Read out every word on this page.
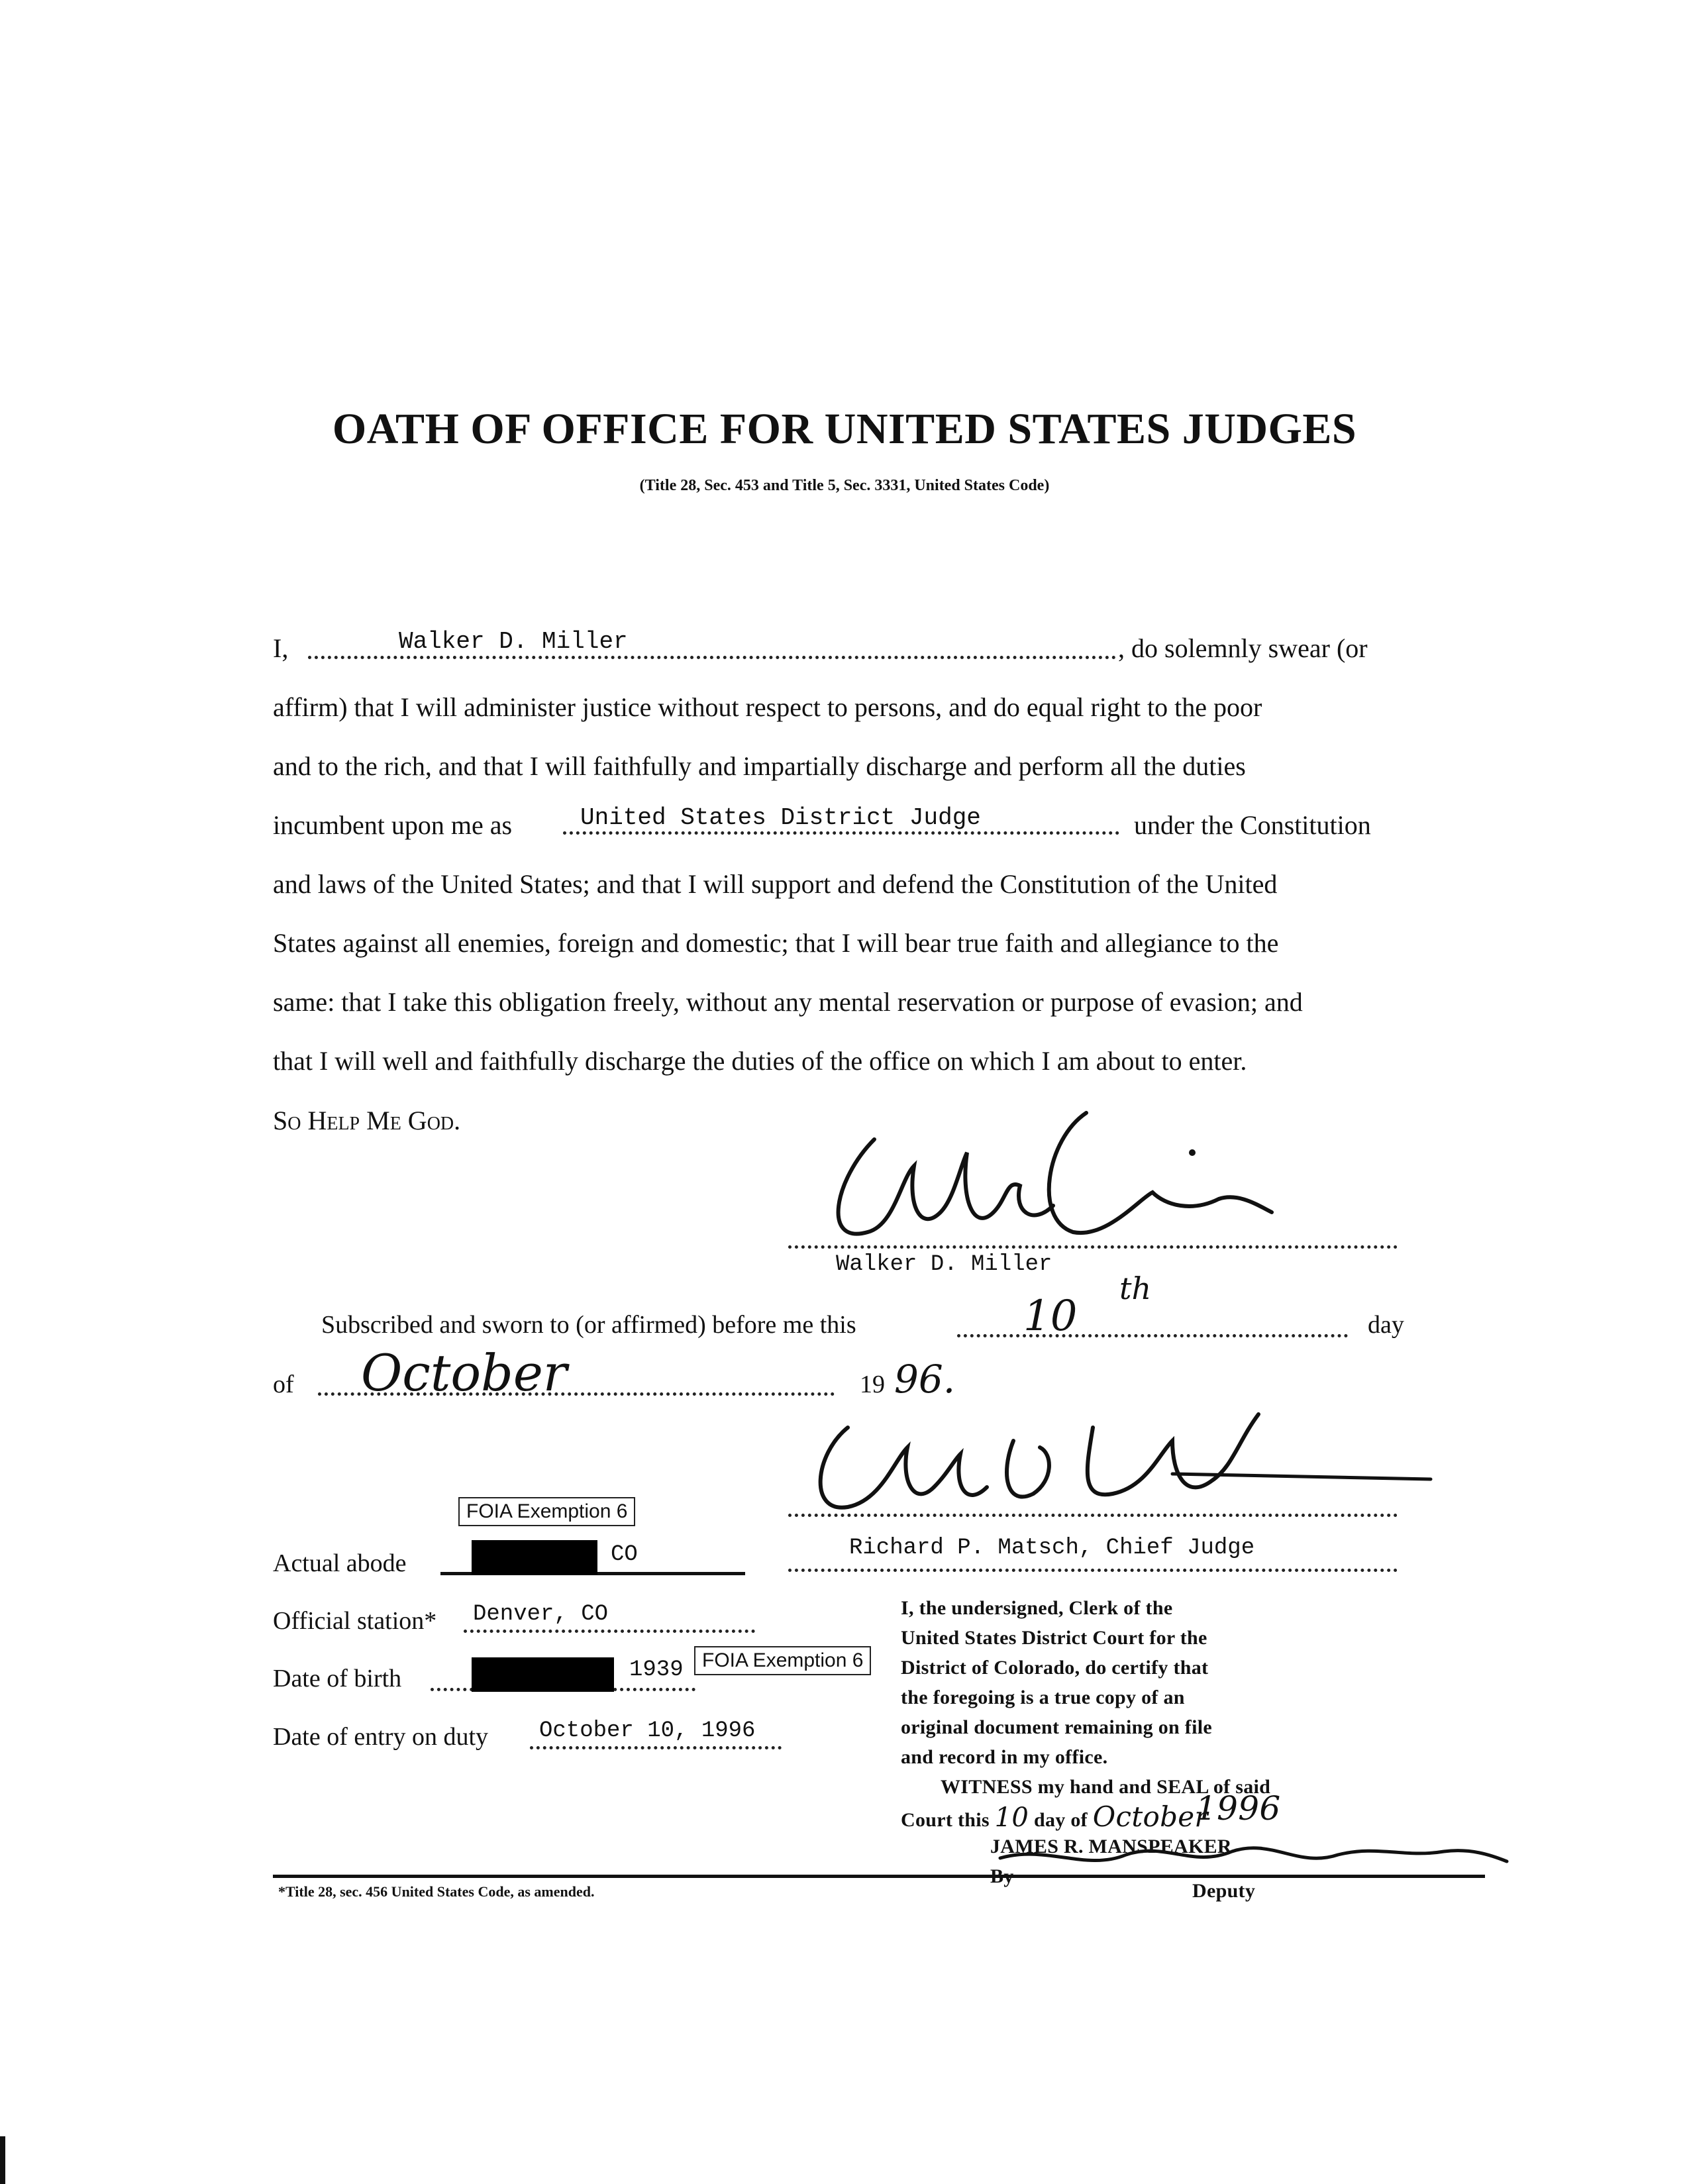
OATH OF OFFICE FOR UNITED STATES JUDGES
(Title 28, Sec. 453 and Title 5, Sec. 3331, United States Code)
I,	Walker D. Miller	, do solemnly swear (or
affirm) that I will administer justice without respect to persons, and do equal right to the poor
and to the rich, and that I will faithfully and impartially discharge and perform all the duties
incumbent upon me as	United States District Judge	under the Constitution
and laws of the United States; and that I will support and defend the Constitution of the United
States against all enemies, foreign and domestic; that I will bear true faith and allegiance to the
same: that I take this obligation freely, without any mental reservation or purpose of evasion; and
that I will well and faithfully discharge the duties of the office on which I am about to enter.
So Help Me God.
Walker D. Miller
Subscribed and sworn to (or affirmed) before me this	10
th
day
of October	19 96.
Richard P. Matsch, Chief Judge
FOIA Exemption 6
Actual abode	CO
Official station* Denver, CO
Date of birth	1939 FOIA Exemption 6
Date of entry on duty October 10, 1996
I, the undersigned, Clerk of the
United States District Court for the
District of Colorado, do certify that
the foregoing is a true copy of an
original document remaining on file
and record in my office.
WITNESS my hand and SEAL of said
Court this 10 day of October
1996
JAMES R. MANSPEAKER
By
Deputy
*Title 28, sec. 456 United States Code, as amended.
